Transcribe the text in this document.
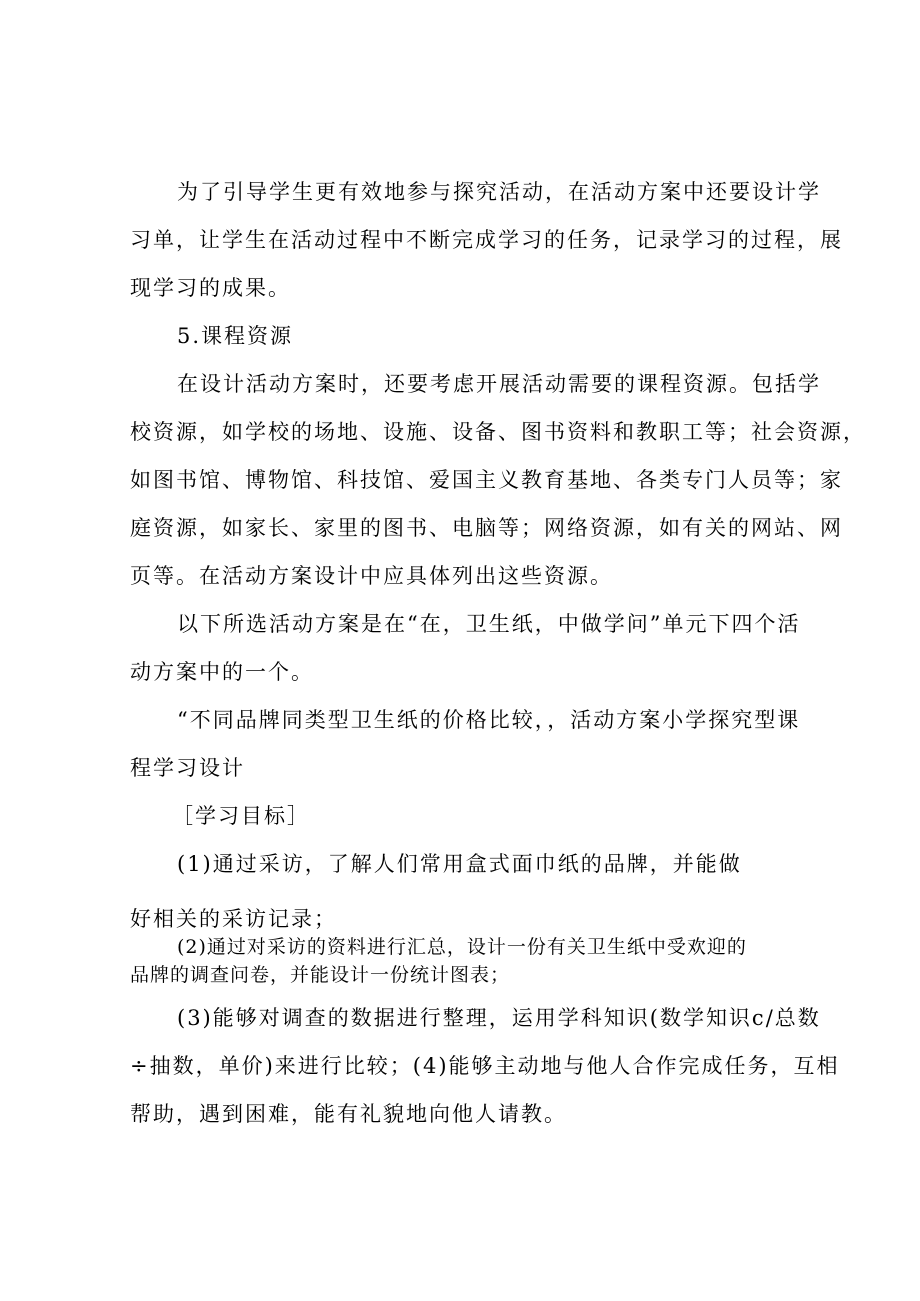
为了引导学生更有效地参与探究活动，在活动方案中还要设计学
习单，让学生在活动过程中不断完成学习的任务，记录学习的过程，展
现学习的成果。
5.课程资源
在设计活动方案时，还要考虑开展活动需要的课程资源。包括学
校资源，如学校的场地、设施、设备、图书资料和教职工等；社会资源，
如图书馆、博物馆、科技馆、爱国主义教育基地、各类专门人员等；家
庭资源，如家长、家里的图书、电脑等；网络资源，如有关的网站、网
页等。在活动方案设计中应具体列出这些资源。
以下所选活动方案是在“在，卫生纸，中做学问”单元下四个活
动方案中的一个。
“不同品牌同类型卫生纸的价格比较，，活动方案小学探究型课
程学习设计
［学习目标］
(1)通过采访，了解人们常用盒式面巾纸的品牌，并能做
好相关的采访记录；
(2)通过对采访的资料进行汇总，设计一份有关卫生纸中受欢迎的
品牌的调查问卷，并能设计一份统计图表；
(3)能够对调查的数据进行整理，运用学科知识(数学知识c/总数
÷抽数，单价)来进行比较；(4)能够主动地与他人合作完成任务，互相
帮助，遇到困难，能有礼貌地向他人请教。
